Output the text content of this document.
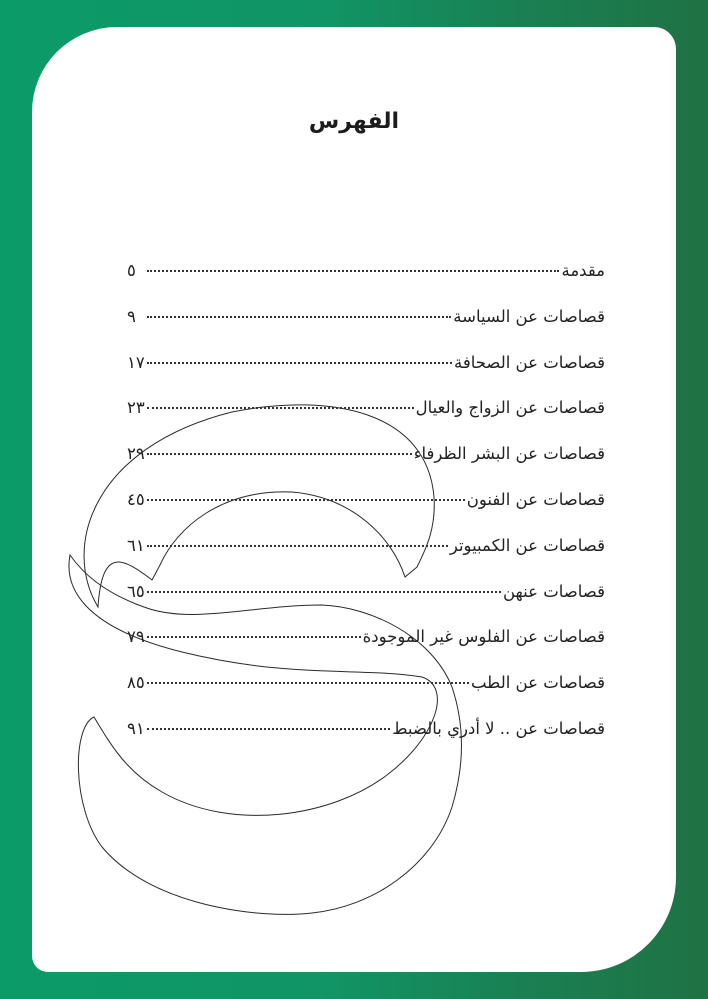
الفهرس
مقدمة
٥
قصاصات عن السياسة
٩
قصاصات عن الصحافة
١٧
قصاصات عن الزواج والعيال
٢٣
قصاصات عن البشر الظرفاء
٢٩
قصاصات عن الفنون
٤٥
قصاصات عن الكمبيوتر
٦١
قصاصات عنهن
٦٥
قصاصات عن الفلوس غير الموجودة
٧٩
قصاصات عن الطب
٨٥
قصاصات عن .. لا أدري بالضبط
٩١
